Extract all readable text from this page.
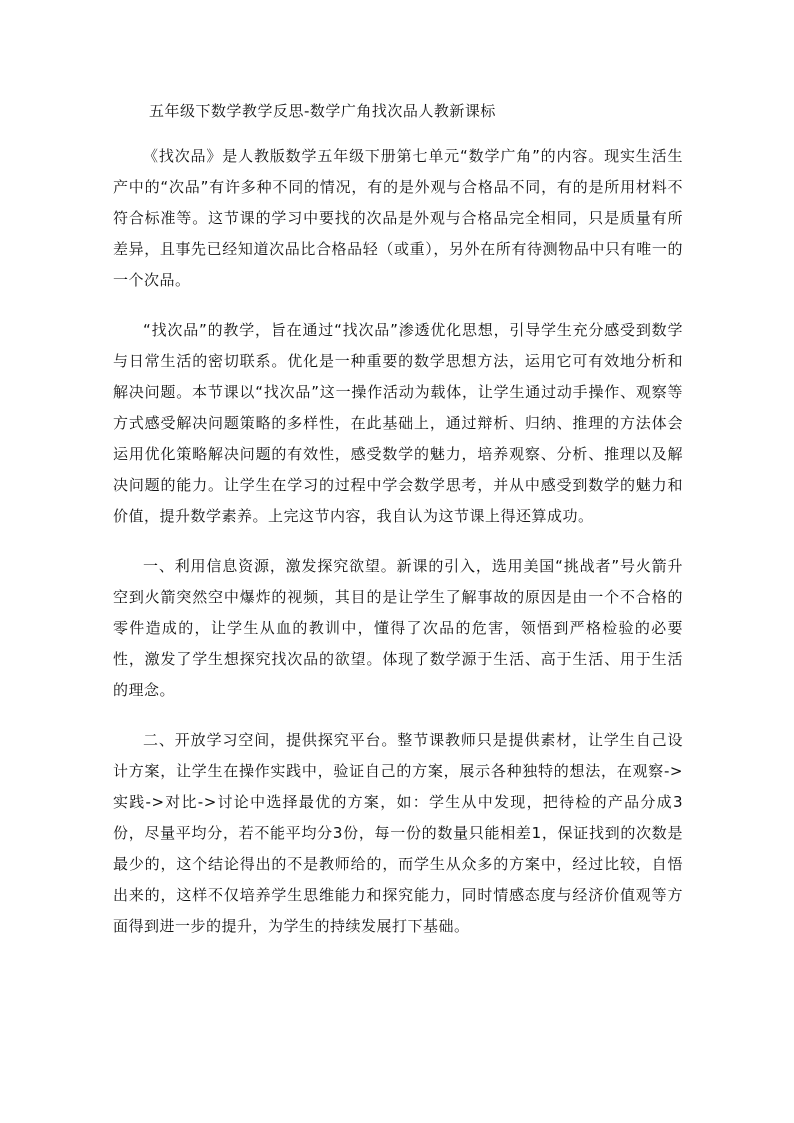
五年级下数学教学反思-数学广角找次品人教新课标

《找次品》是人教版数学五年级下册第七单元“数学广角”的内容。现实生活生产中的“次品”有许多种不同的情况，有的是外观与合格品不同，有的是所用材料不符合标准等。这节课的学习中要找的次品是外观与合格品完全相同，只是质量有所差异，且事先已经知道次品比合格品轻（或重），另外在所有待测物品中只有唯一的一个次品。

“找次品”的教学，旨在通过“找次品”渗透优化思想，引导学生充分感受到数学与日常生活的密切联系。优化是一种重要的数学思想方法，运用它可有效地分析和解决问题。本节课以“找次品”这一操作活动为载体，让学生通过动手操作、观察等方式感受解决问题策略的多样性，在此基础上，通过辩析、归纳、推理的方法体会运用优化策略解决问题的有效性，感受数学的魅力，培养观察、分析、推理以及解决问题的能力。让学生在学习的过程中学会数学思考，并从中感受到数学的魅力和价值，提升数学素养。上完这节内容，我自认为这节课上得还算成功。

一、利用信息资源，激发探究欲望。新课的引入，选用美国“挑战者”号火箭升空到火箭突然空中爆炸的视频，其目的是让学生了解事故的原因是由一个不合格的零件造成的，让学生从血的教训中，懂得了次品的危害，领悟到严格检验的必要性，激发了学生想探究找次品的欲望。体现了数学源于生活、高于生活、用于生活的理念。

二、开放学习空间，提供探究平台。整节课教师只是提供素材，让学生自己设计方案，让学生在操作实践中，验证自己的方案，展示各种独特的想法，在观察->实践->对比->讨论中选择最优的方案，如：学生从中发现，把待检的产品分成3份，尽量平均分，若不能平均分3份，每一份的数量只能相差1，保证找到的次数是最少的，这个结论得出的不是教师给的，而学生从众多的方案中，经过比较，自悟出来的，这样不仅培养学生思维能力和探究能力，同时情感态度与经济价值观等方面得到进一步的提升，为学生的持续发展打下基础。
